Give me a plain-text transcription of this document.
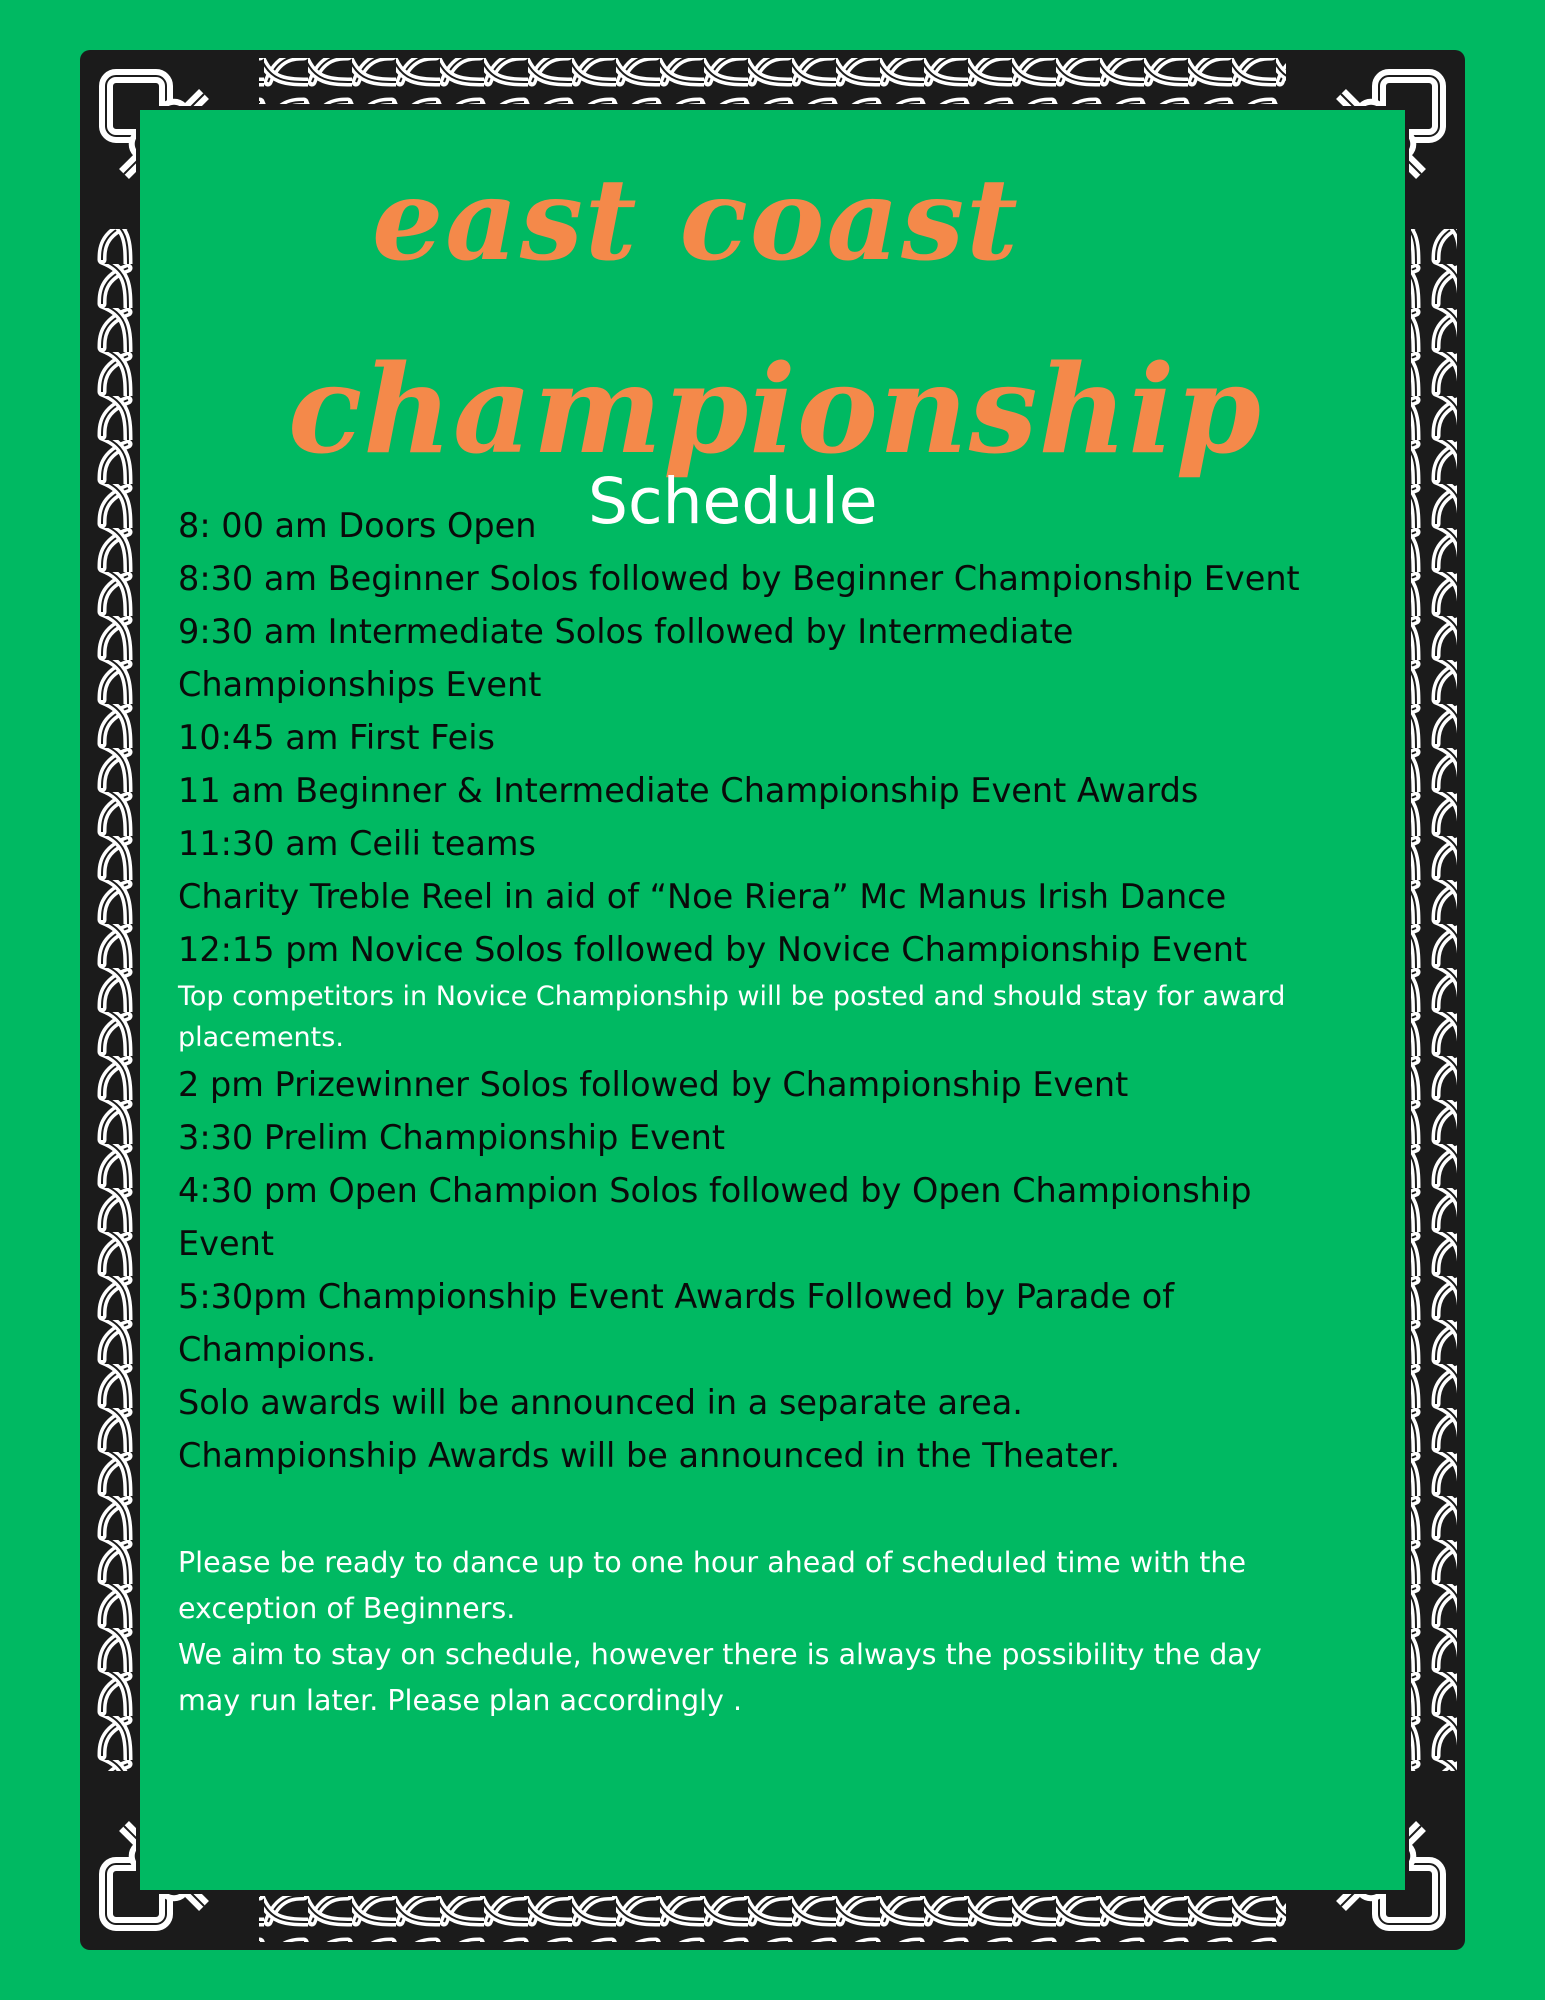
east coast
championship
Schedule
8: 00 am Doors Open
8:30 am Beginner Solos followed by Beginner Championship Event
9:30 am Intermediate Solos followed by Intermediate
Championships Event
10:45 am First Feis
11 am Beginner & Intermediate Championship Event Awards
11:30 am Ceili teams
Charity Treble Reel in aid of “Noe Riera” Mc Manus Irish Dance
12:15 pm Novice Solos followed by Novice Championship Event
Top competitors in Novice Championship will be posted and should stay for award
placements.
2 pm Prizewinner Solos followed by Championship Event
3:30 Prelim Championship Event
4:30 pm Open Champion Solos followed by Open Championship
Event
5:30pm Championship Event Awards Followed by Parade of
Champions.
Solo awards will be announced in a separate area.
Championship Awards will be announced in the Theater.
Please be ready to dance up to one hour ahead of scheduled time with the
exception of Beginners.
We aim to stay on schedule, however there is always the possibility the day
may run later. Please plan accordingly .
